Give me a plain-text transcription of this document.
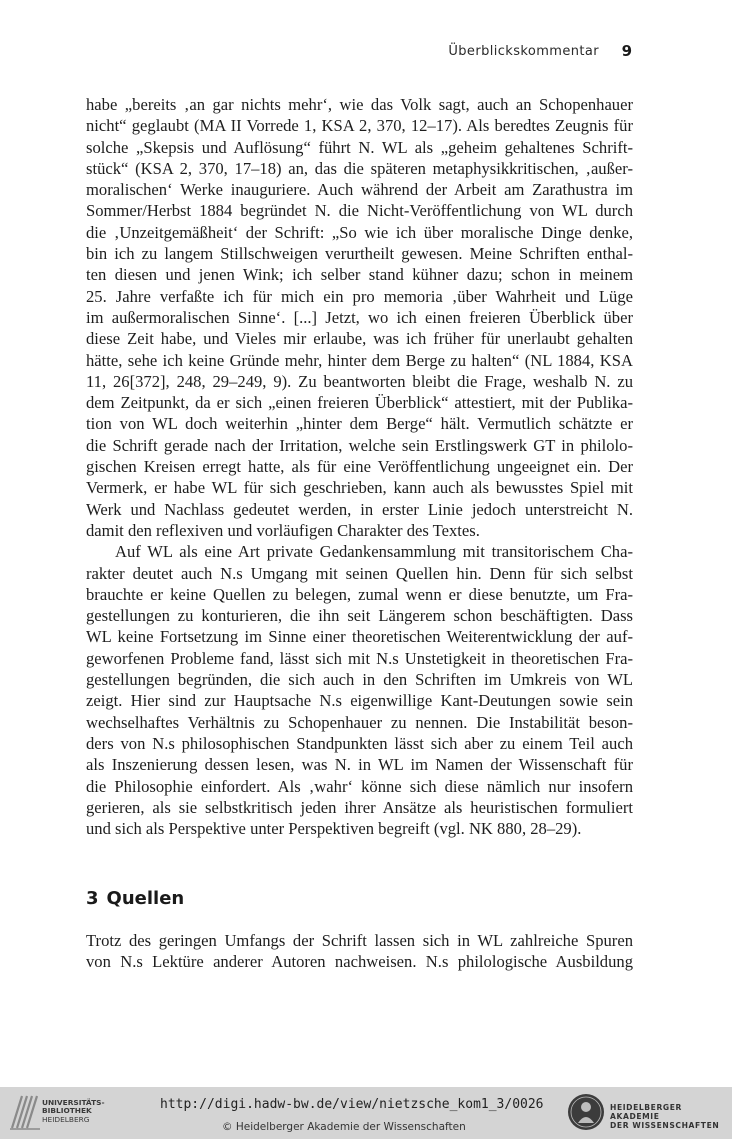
Überblickskommentar 9
habe „bereits ‚an gar nichts mehr‘, wie das Volk sagt, auch an Schopenhauer
nicht“ geglaubt (MA II Vorrede 1, KSA 2, 370, 12–17). Als beredtes Zeugnis für
solche „Skepsis und Auflösung“ führt N. WL als „geheim gehaltenes Schrift-
stück“ (KSA 2, 370, 17–18) an, das die späteren metaphysikkritischen, ‚außer-
moralischen‘ Werke inauguriere. Auch während der Arbeit am Zarathustra im
Sommer/Herbst 1884 begründet N. die Nicht-Veröffentlichung von WL durch
die ‚Unzeitgemäßheit‘ der Schrift: „So wie ich über moralische Dinge denke,
bin ich zu langem Stillschweigen verurtheilt gewesen. Meine Schriften enthal-
ten diesen und jenen Wink; ich selber stand kühner dazu; schon in meinem
25. Jahre verfaßte ich für mich ein pro memoria ‚über Wahrheit und Lüge
im außermoralischen Sinne‘. [...] Jetzt, wo ich einen freieren Überblick über
diese Zeit habe, und Vieles mir erlaube, was ich früher für unerlaubt gehalten
hätte, sehe ich keine Gründe mehr, hinter dem Berge zu halten“ (NL 1884, KSA
11, 26[372], 248, 29–249, 9). Zu beantworten bleibt die Frage, weshalb N. zu
dem Zeitpunkt, da er sich „einen freieren Überblick“ attestiert, mit der Publika-
tion von WL doch weiterhin „hinter dem Berge“ hält. Vermutlich schätzte er
die Schrift gerade nach der Irritation, welche sein Erstlingswerk GT in philolo-
gischen Kreisen erregt hatte, als für eine Veröffentlichung ungeeignet ein. Der
Vermerk, er habe WL für sich geschrieben, kann auch als bewusstes Spiel mit
Werk und Nachlass gedeutet werden, in erster Linie jedoch unterstreicht N.
damit den reflexiven und vorläufigen Charakter des Textes.
Auf WL als eine Art private Gedankensammlung mit transitorischem Cha-
rakter deutet auch N.s Umgang mit seinen Quellen hin. Denn für sich selbst
brauchte er keine Quellen zu belegen, zumal wenn er diese benutzte, um Fra-
gestellungen zu konturieren, die ihn seit Längerem schon beschäftigten. Dass
WL keine Fortsetzung im Sinne einer theoretischen Weiterentwicklung der auf-
geworfenen Probleme fand, lässt sich mit N.s Unstetigkeit in theoretischen Fra-
gestellungen begründen, die sich auch in den Schriften im Umkreis von WL
zeigt. Hier sind zur Hauptsache N.s eigenwillige Kant-Deutungen sowie sein
wechselhaftes Verhältnis zu Schopenhauer zu nennen. Die Instabilität beson-
ders von N.s philosophischen Standpunkten lässt sich aber zu einem Teil auch
als Inszenierung dessen lesen, was N. in WL im Namen der Wissenschaft für
die Philosophie einfordert. Als ‚wahr‘ könne sich diese nämlich nur insofern
gerieren, als sie selbstkritisch jeden ihrer Ansätze als heuristischen formuliert
und sich als Perspektive unter Perspektiven begreift (vgl. NK 880, 28–29).
3 Quellen
Trotz des geringen Umfangs der Schrift lassen sich in WL zahlreiche Spuren
von N.s Lektüre anderer Autoren nachweisen. N.s philologische Ausbildung
UNIVERSITÄTS-
BIBLIOTHEK
HEIDELBERG
http://digi.hadw-bw.de/view/nietzsche_kom1_3/0026
© Heidelberger Akademie der Wissenschaften
HEIDELBERGER AKADEMIE
DER WISSENSCHAFTEN
